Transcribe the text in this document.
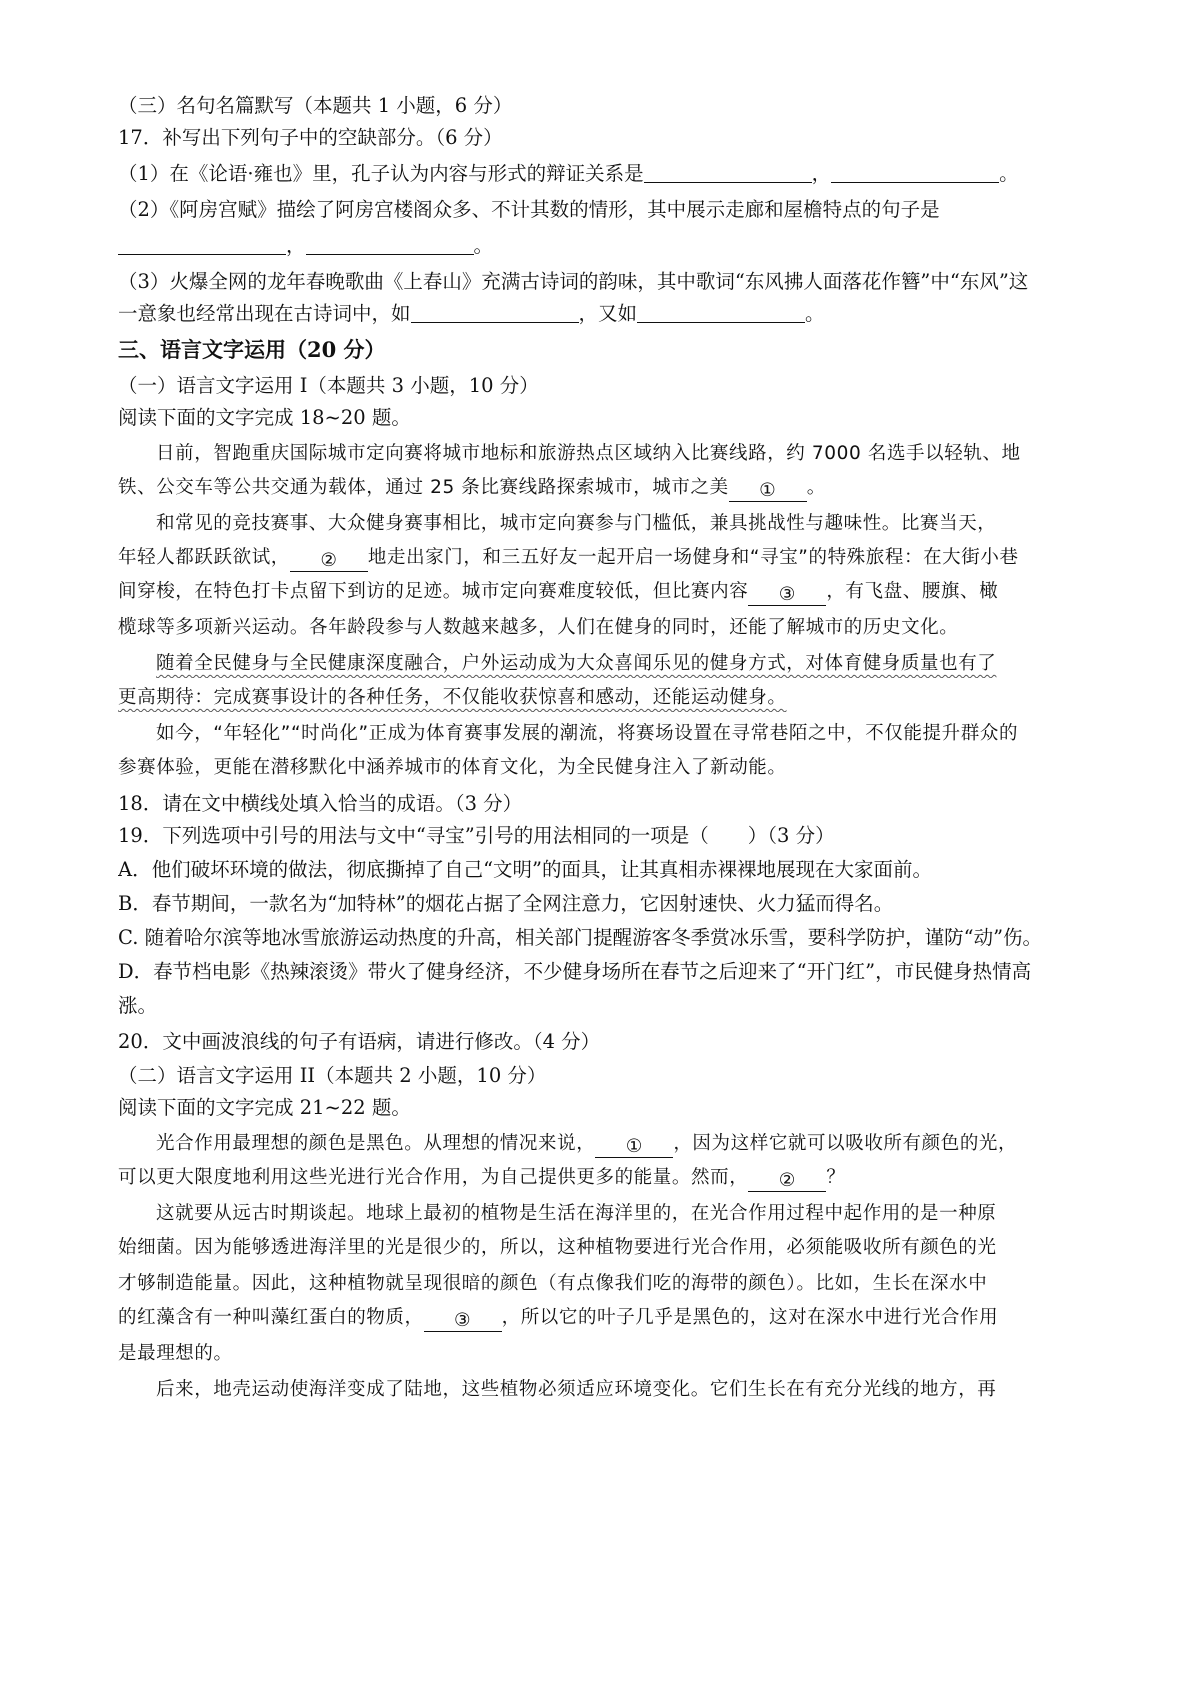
（三）名句名篇默写（本题共 1 小题，6 分）
17．补写出下列句子中的空缺部分。（6 分）
（1）在《论语·雍也》里，孔子认为内容与形式的辩证关系是	，	。
（2）《阿房宫赋》描绘了阿房宫楼阁众多、不计其数的情形，其中展示走廊和屋檐特点的句子是
，	。
（3）火爆全网的龙年春晚歌曲《上春山》充满古诗词的韵味，其中歌词“东风拂人面落花作簪”中“东风”这
一意象也经常出现在古诗词中，如	，又如	。
三、语言文字运用（20 分）
（一）语言文字运用 I（本题共 3 小题，10 分）
阅读下面的文字完成 18~20 题。
日前，智跑重庆国际城市定向赛将城市地标和旅游热点区域纳入比赛线路，约 7000 名选手以轻轨、地
铁、公交车等公共交通为载体，通过 25 条比赛线路探索城市，城市之美 ① 。
和常见的竞技赛事、大众健身赛事相比，城市定向赛参与门槛低，兼具挑战性与趣味性。比赛当天，
年轻人都跃跃欲试， ② 地走出家门，和三五好友一起开启一场健身和“寻宝”的特殊旅程：在大街小巷
间穿梭，在特色打卡点留下到访的足迹。城市定向赛难度较低，但比赛内容 ③ ，有飞盘、腰旗、橄
榄球等多项新兴运动。各年龄段参与人数越来越多，人们在健身的同时，还能了解城市的历史文化。
随着全民健身与全民健康深度融合，户外运动成为大众喜闻乐见的健身方式，对体育健身质量也有了
更高期待：完成赛事设计的各种任务，不仅能收获惊喜和感动，还能运动健身。
如今，“年轻化”“时尚化”正成为体育赛事发展的潮流，将赛场设置在寻常巷陌之中，不仅能提升群众的
参赛体验，更能在潜移默化中涵养城市的体育文化，为全民健身注入了新动能。
18．请在文中横线处填入恰当的成语。（3 分）
19．下列选项中引号的用法与文中“寻宝”引号的用法相同的一项是（　　）（3 分）
A．他们破坏环境的做法，彻底撕掉了自己“文明”的面具，让其真相赤裸裸地展现在大家面前。
B．春节期间，一款名为“加特林”的烟花占据了全网注意力，它因射速快、火力猛而得名。
C. 随着哈尔滨等地冰雪旅游运动热度的升高，相关部门提醒游客冬季赏冰乐雪，要科学防护，谨防“动”伤。
D．春节档电影《热辣滚烫》带火了健身经济，不少健身场所在春节之后迎来了“开门红”，市民健身热情高
涨。
20．文中画波浪线的句子有语病，请进行修改。（4 分）
（二）语言文字运用 II（本题共 2 小题，10 分）
阅读下面的文字完成 21~22 题。
光合作用最理想的颜色是黑色。从理想的情况来说， ① ，因为这样它就可以吸收所有颜色的光，
可以更大限度地利用这些光进行光合作用，为自己提供更多的能量。然而， ② ？
这就要从远古时期谈起。地球上最初的植物是生活在海洋里的，在光合作用过程中起作用的是一种原
始细菌。因为能够透进海洋里的光是很少的，所以，这种植物要进行光合作用，必须能吸收所有颜色的光
才够制造能量。因此，这种植物就呈现很暗的颜色（有点像我们吃的海带的颜色）。比如，生长在深水中
的红藻含有一种叫藻红蛋白的物质， ③ ，所以它的叶子几乎是黑色的，这对在深水中进行光合作用
是最理想的。
后来，地壳运动使海洋变成了陆地，这些植物必须适应环境变化。它们生长在有充分光线的地方，再
